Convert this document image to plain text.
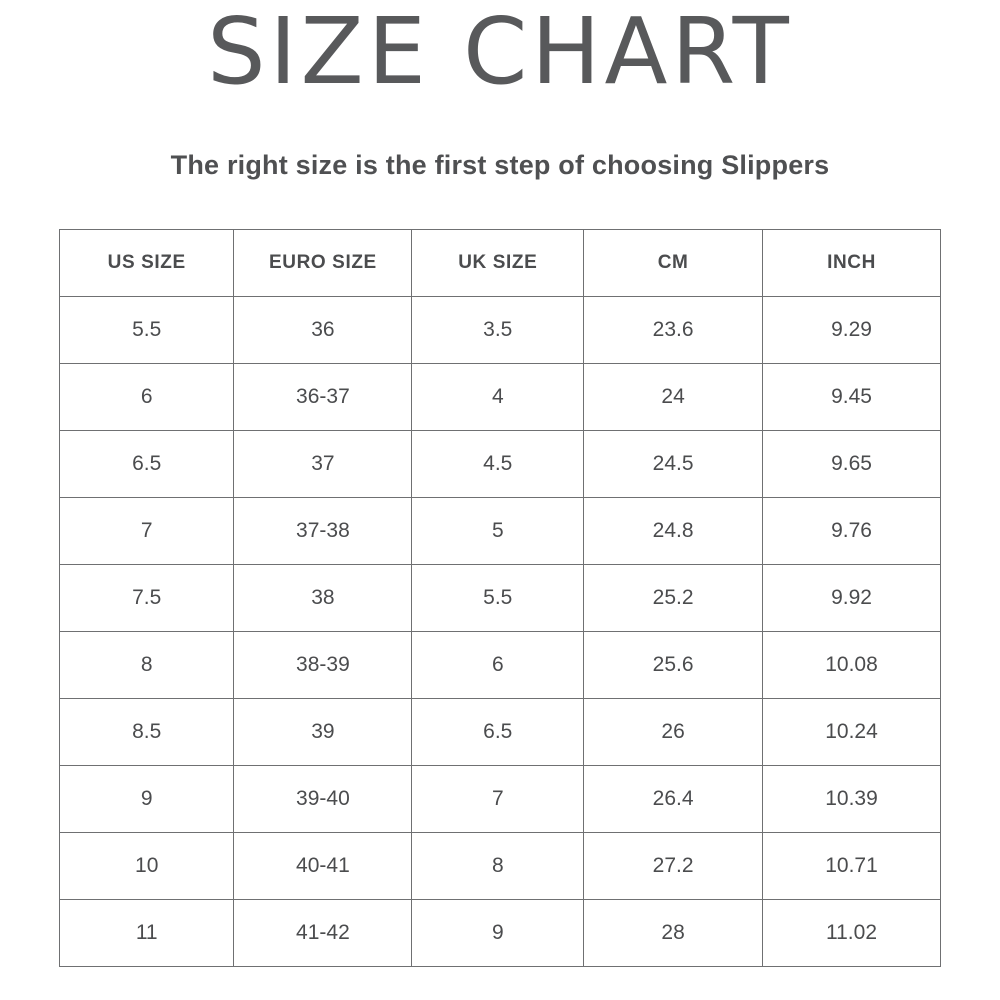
SIZE CHART
The right size is the first step of choosing Slippers
US SIZE	EURO SIZE	UK SIZE	CM	INCH
5.5	36	3.5	23.6	9.29
6	36-37	4	24	9.45
6.5	37	4.5	24.5	9.65
7	37-38	5	24.8	9.76
7.5	38	5.5	25.2	9.92
8	38-39	6	25.6	10.08
8.5	39	6.5	26	10.24
9	39-40	7	26.4	10.39
10	40-41	8	27.2	10.71
11	41-42	9	28	11.02
